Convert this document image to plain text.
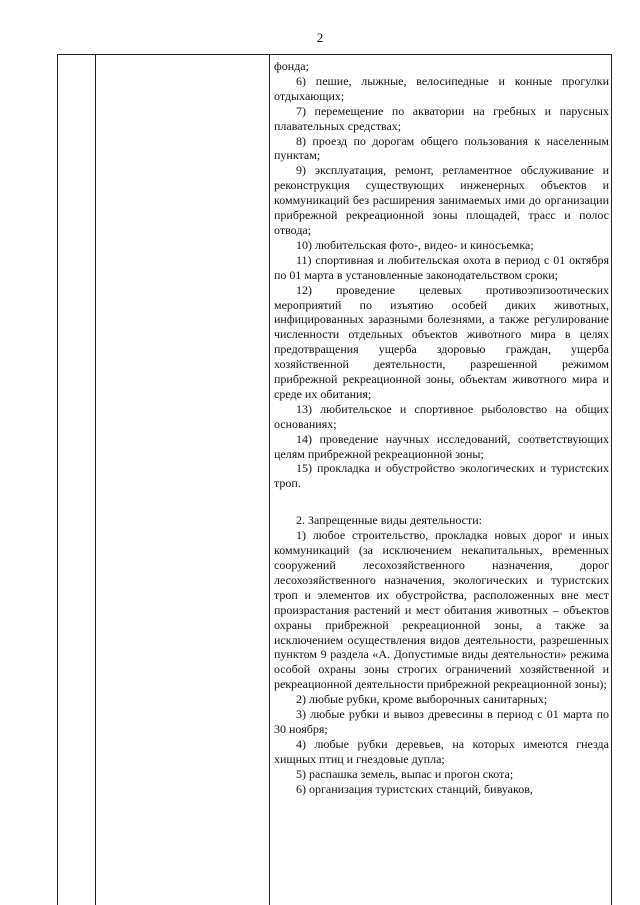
2

фонда;

6) пешие, лыжные, велосипедные и конные прогулки отдыхающих;

7) перемещение по акватории на гребных и парусных плавательных средствах;

8) проезд по дорогам общего пользования к населенным пунктам;

9) эксплуатация, ремонт, регламентное обслуживание и реконструкция существующих инженерных объектов и коммуникаций без расширения занимаемых ими до организации прибрежной рекреационной зоны площадей, трасс и полос отвода;

10) любительская фото-, видео- и киносъемка;

11) спортивная и любительская охота в период с 01 октября по 01 марта в установленные законодательством сроки;

12) проведение целевых противоэпизоотических мероприятий по изъятию особей диких животных, инфицированных заразными болезнями, а также регулирование численности отдельных объектов животного мира в целях предотвращения ущерба здоровью граждан, ущерба хозяйственной деятельности, разрешенной режимом прибрежной рекреационной зоны, объектам животного мира и среде их обитания;

13) любительское и спортивное рыболовство на общих основаниях;

14) проведение научных исследований, соответствующих целям прибрежной рекреационной зоны;

15) прокладка и обустройство экологических и туристских троп.

2. Запрещенные виды деятельности:

1) любое строительство, прокладка новых дорог и иных коммуникаций (за исключением некапитальных, временных сооружений лесохозяйственного назначения, дорог лесохозяйственного назначения, экологических и туристских троп и элементов их обустройства, расположенных вне мест произрастания растений и мест обитания животных – объектов охраны прибрежной рекреационной зоны, а также за исключением осуществления видов деятельности, разрешенных пунктом 9 раздела «А. Допустимые виды деятельности» режима особой охраны зоны строгих ограничений хозяйственной и рекреационной деятельности прибрежной рекреационной зоны);

2) любые рубки, кроме выборочных санитарных;

3) любые рубки и вывоз древесины в период с 01 марта по 30 ноября;

4) любые рубки деревьев, на которых имеются гнезда хищных птиц и гнездовые дупла;

5) распашка земель, выпас и прогон скота;

6) организация туристских станций, бивуаков,
